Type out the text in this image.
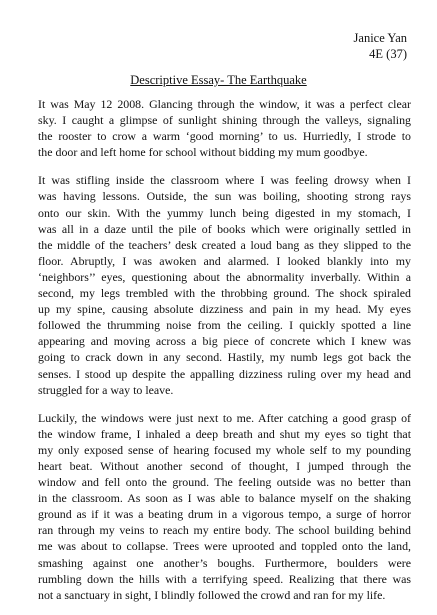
Janice Yan
4E (37)
Descriptive Essay- The Earthquake
It was May 12 2008. Glancing through the window, it was a perfect clear
sky. I caught a glimpse of sunlight shining through the valleys, signaling
the rooster to crow a warm ‘good morning’ to us. Hurriedly, I strode to
the door and left home for school without bidding my mum goodbye.
It was stifling inside the classroom where I was feeling drowsy when I
was having lessons. Outside, the sun was boiling, shooting strong rays
onto our skin. With the yummy lunch being digested in my stomach, I
was all in a daze until the pile of books which were originally settled in
the middle of the teachers’ desk created a loud bang as they slipped to the
floor. Abruptly, I was awoken and alarmed. I looked blankly into my
‘neighbors’’ eyes, questioning about the abnormality inverbally. Within a
second, my legs trembled with the throbbing ground. The shock spiraled
up my spine, causing absolute dizziness and pain in my head. My eyes
followed the thrumming noise from the ceiling. I quickly spotted a line
appearing and moving across a big piece of concrete which I knew was
going to crack down in any second. Hastily, my numb legs got back the
senses. I stood up despite the appalling dizziness ruling over my head and
struggled for a way to leave.
Luckily, the windows were just next to me. After catching a good grasp of
the window frame, I inhaled a deep breath and shut my eyes so tight that
my only exposed sense of hearing focused my whole self to my pounding
heart beat. Without another second of thought, I jumped through the
window and fell onto the ground. The feeling outside was no better than
in the classroom. As soon as I was able to balance myself on the shaking
ground as if it was a beating drum in a vigorous tempo, a surge of horror
ran through my veins to reach my entire body. The school building behind
me was about to collapse. Trees were uprooted and toppled onto the land,
smashing against one another’s boughs. Furthermore, boulders were
rumbling down the hills with a terrifying speed. Realizing that there was
not a sanctuary in sight, I blindly followed the crowd and ran for my life.
